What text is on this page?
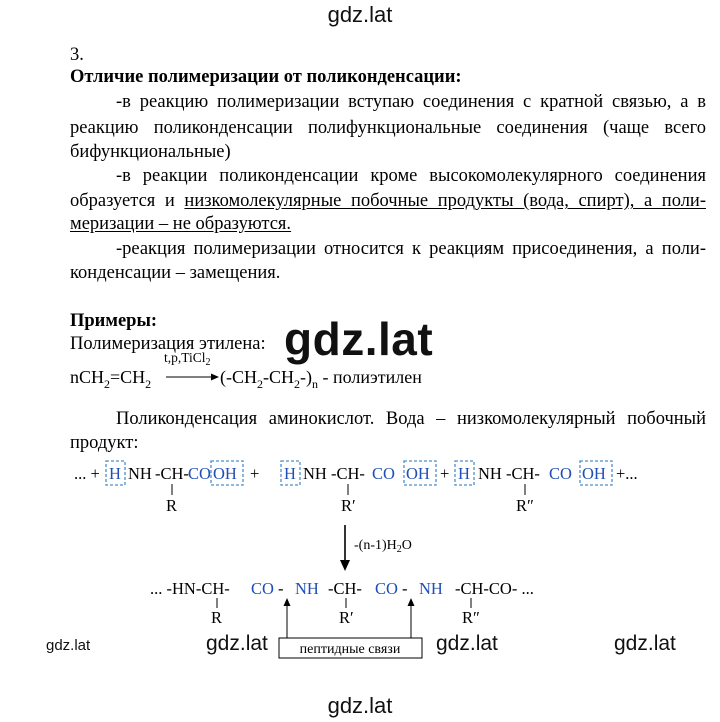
gdz.lat
gdz.lat
gdz.lat	gdz.lat	gdz.lat	gdz.lat
gdz.lat
3.
Отличие полимеризации от поликонденсации:
-в реакцию полимеризации вступаю соединения с кратной связью, а в
реакцию поликонденсации полифункциональные соединения (чаще всего
бифункциональные)
-в реакции поликонденсации кроме высокомолекулярного соединения
образуется и низкомолекулярные побочные продукты (вода, спирт), а поли-
меризации – не образуются.
-реакция полимеризации относится к реакциям присоединения, а поли-
конденсации – замещения.
Примеры:
Полимеризация этилена:
Поликонденсация аминокислот. Вода – низкомолекулярный побочный
продукт:
$nCH_2=CH_2$
t,p,TiCl$_2$
$(-CH_2-CH_2-)_n$ - полиэтилен
... + H NH -CH- CO OH
R
+ H NH -CH- CO OH
R′
+ H NH -CH- CO OH
R″
+...
$-(n-1)H_2O$
... -HN-CH- CO - NH -CH- CO - NH -CH-CO- ...
R	R′	R″
пептидные связи
